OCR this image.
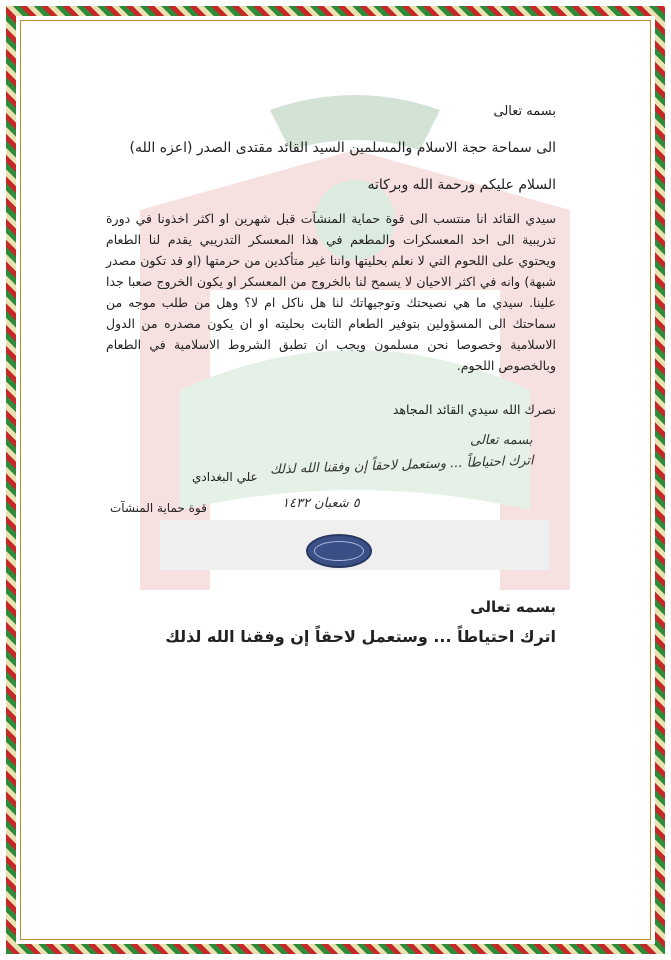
بسمه تعالى
الى سماحة حجة الاسلام والمسلمين السيد القائد مقتدى الصدر (اعزه الله)
السلام عليكم ورحمة الله وبركاته
سيدي القائد انا منتسب الى قوة حماية المنشآت قبل شهرين او اكثر اخذونا في دورة تدريبية الى احد المعسكرات والمطعم في هذا المعسكر التدريبي يقدم لنا الطعام ويحتوي على اللحوم التي لا نعلم بحليتها واننا غير متأكدين من حرمتها (او قد تكون مصدر شبهة) وانه في اكثر الاحيان لا يسمح لنا بالخروج من المعسكر او يكون الخروج صعبا جدا علينا. سيدي ما هي نصيحتك وتوجيهاتك لنا هل ناكل ام لا؟ وهل من طلب موجه من سماحتك الى المسؤولين بتوفير الطعام الثابت بحليته او ان يكون مصدره من الدول الاسلامية وخصوصا نحن مسلمون ويجب ان تطبق الشروط الاسلامية في الطعام وبالخصوص اللحوم.
نصرك الله سيدي القائد المجاهد
بسمه تعالى
اترك احتياطاً ... وستعمل لاحقاً إن وفقنا الله لذلك
٥ شعبان ١٤٣٢
علي البغدادي
قوة حماية المنشآت
بسمه تعالى
اترك احتياطاً ... وستعمل لاحقاً إن وفقنا الله لذلك
